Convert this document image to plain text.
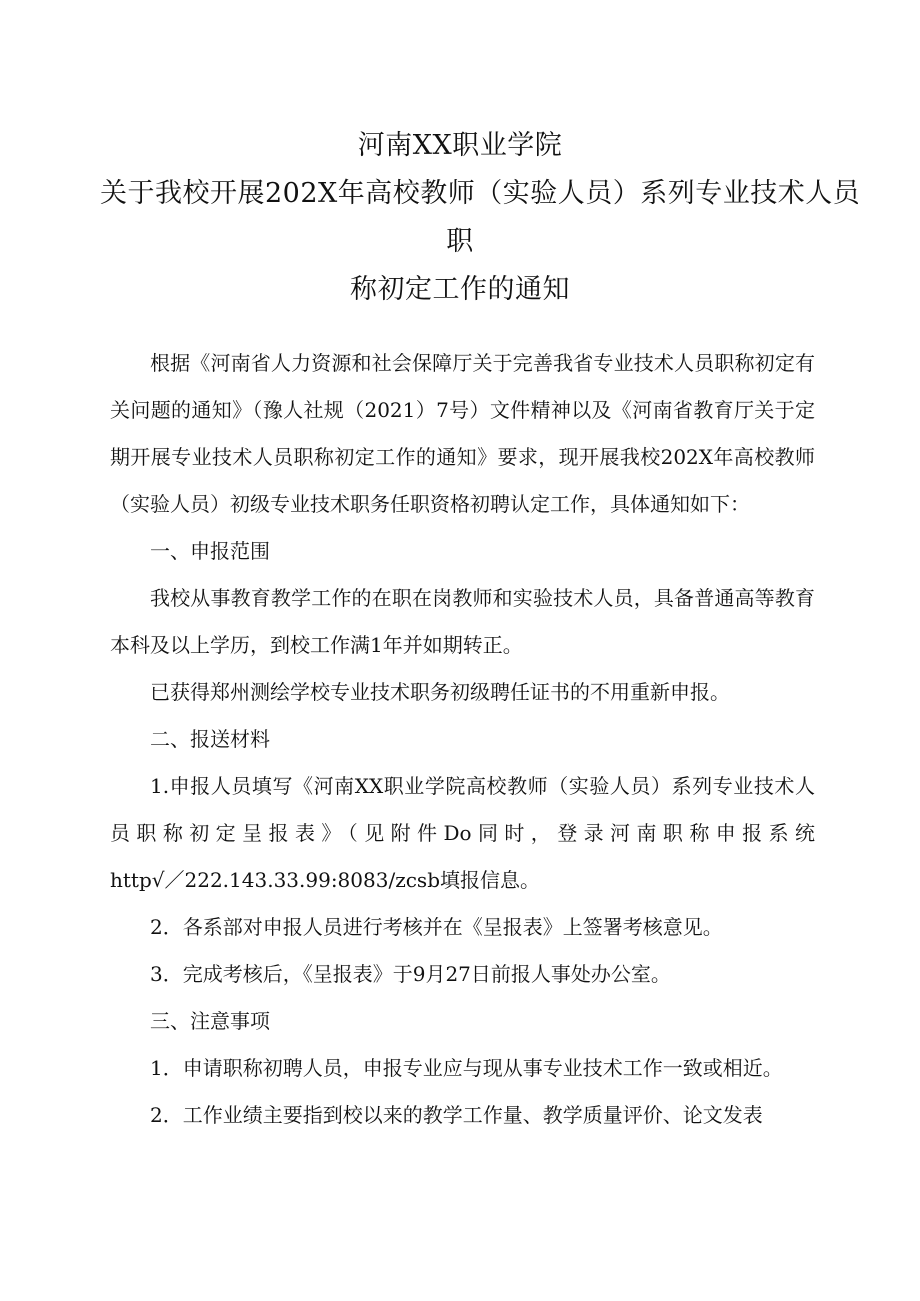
河南XX职业学院
关于我校开展202X年高校教师（实验人员）系列专业技术人员
职
称初定工作的通知

根据《河南省人力资源和社会保障厅关于完善我省专业技术人员职称初定有关问题的通知》（豫人社规（2021）7号）文件精神以及《河南省教育厅关于定期开展专业技术人员职称初定工作的通知》要求，现开展我校202X年高校教师（实验人员）初级专业技术职务任职资格初聘认定工作，具体通知如下：

一、申报范围

我校从事教育教学工作的在职在岗教师和实验技术人员，具备普通高等教育本科及以上学历，到校工作满1年并如期转正。

已获得郑州测绘学校专业技术职务初级聘任证书的不用重新申报。

二、报送材料

1.申报人员填写《河南XX职业学院高校教师（实验人员）系列专业技术人员职称初定呈报表》（见附件Do同时，登录河南职称申报系统

http√／222.143.33.99:8083/zcsb填报信息。

2．各系部对申报人员进行考核并在《呈报表》上签署考核意见。

3．完成考核后，《呈报表》于9月27日前报人事处办公室。

三、注意事项

1．申请职称初聘人员，申报专业应与现从事专业技术工作一致或相近。

2．工作业绩主要指到校以来的教学工作量、教学质量评价、论文发表
